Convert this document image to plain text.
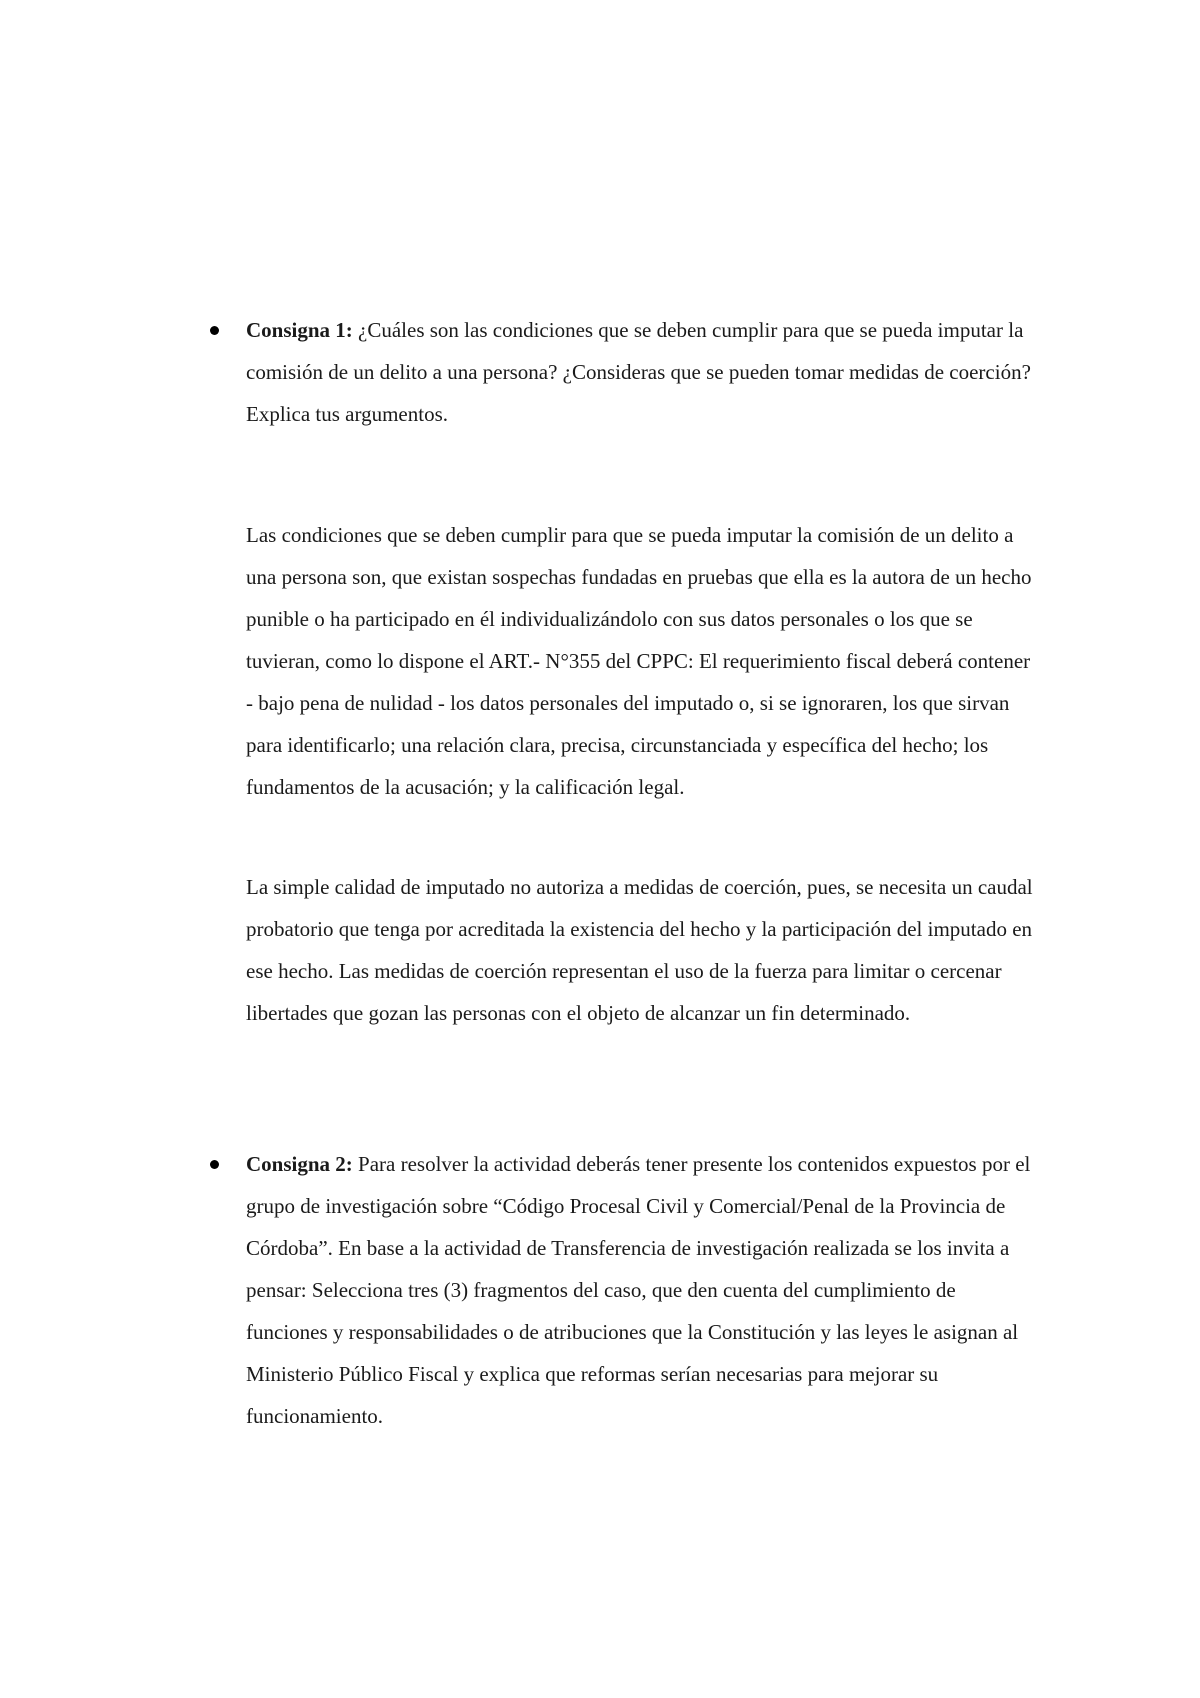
Consigna 1: ¿Cuáles son las condiciones que se deben cumplir para que se pueda imputar la comisión de un delito a una persona? ¿Consideras que se pueden tomar medidas de coerción? Explica tus argumentos.

Las condiciones que se deben cumplir para que se pueda imputar la comisión de un delito a una persona son, que existan sospechas fundadas en pruebas que ella es la autora de un hecho punible o ha participado en él individualizándolo con sus datos personales o los que se tuvieran, como lo dispone el ART.- N°355 del CPPC: El requerimiento fiscal deberá contener - bajo pena de nulidad - los datos personales del imputado o, si se ignoraren, los que sirvan para identificarlo; una relación clara, precisa, circunstanciada y específica del hecho; los fundamentos de la acusación; y la calificación legal.

La simple calidad de imputado no autoriza a medidas de coerción, pues, se necesita un caudal probatorio que tenga por acreditada la existencia del hecho y la participación del imputado en ese hecho. Las medidas de coerción representan el uso de la fuerza para limitar o cercenar libertades que gozan las personas con el objeto de alcanzar un fin determinado.

Consigna 2: Para resolver la actividad deberás tener presente los contenidos expuestos por el grupo de investigación sobre “Código Procesal Civil y Comercial/Penal de la Provincia de Córdoba”. En base a la actividad de Transferencia de investigación realizada se los invita a pensar: Selecciona tres (3) fragmentos del caso, que den cuenta del cumplimiento de funciones y responsabilidades o de atribuciones que la Constitución y las leyes le asignan al Ministerio Público Fiscal y explica que reformas serían necesarias para mejorar su funcionamiento.
